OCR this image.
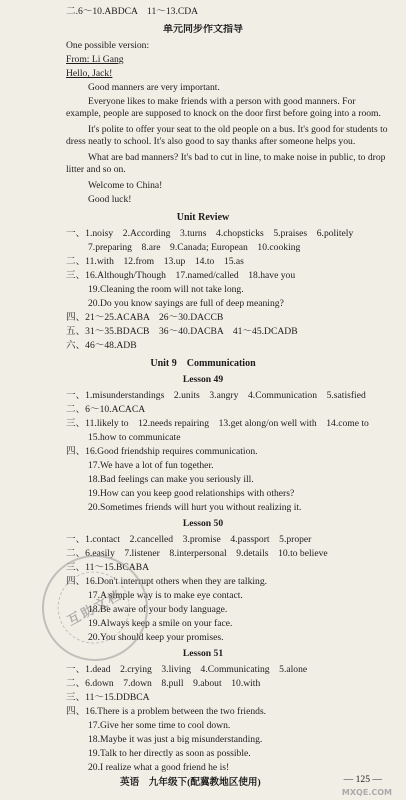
二.6～10.ABDCA　11～13.CDA
单元同步作文指导
One possible version:
From: Li Gang
Hello, Jack!
Good manners are very important.
Everyone likes to make friends with a person with good manners. For example, people are supposed to knock on the door first before going into a room.
It's polite to offer your seat to the old people on a bus. It's good for students to dress neatly to school. It's also good to say thanks after someone helps you.
What are bad manners? It's bad to cut in line, to make noise in public, to drop litter and so on.
Welcome to China!
Good luck!
Unit Review
一、1.noisy　2.According　3.turns　4.chopsticks　5.praises　6.politely
7.preparing　8.are　9.Canada; European　10.cooking
二、11.with　12.from　13.up　14.to　15.as
三、16.Although/Though　17.named/called　18.have you
19.Cleaning the room will not take long.
20.Do you know sayings are full of deep meaning?
四、21～25.ACABA　26～30.DACCB
五、31～35.BDACB　36～40.DACBA　41～45.DCADB
六、46～48.ADB
Unit 9　Communication
Lesson 49
一、1.misunderstandings　2.units　3.angry　4.Communication　5.satisfied
二、6～10.ACACA
三、11.likely to　12.needs repairing　13.get along/on well with　14.come to
15.how to communicate
四、16.Good friendship requires communication.
17.We have a lot of fun together.
18.Bad feelings can make you seriously ill.
19.How can you keep good relationships with others?
20.Sometimes friends will hurt you without realizing it.
Lesson 50
一、1.contact　2.cancelled　3.promise　4.passport　5.proper
二、6.easily　7.listener　8.interpersonal　9.details　10.to believe
三、11～15.BCABA
四、16.Don't interrupt others when they are talking.
17.A simple way is to make eye contact.
18.Be aware of your body language.
19.Always keep a smile on your face.
20.You should keep your promises.
Lesson 51
一、1.dead　2.crying　3.living　4.Communicating　5.alone
二、6.down　7.down　8.pull　9.about　10.with
三、11～15.DDBCA
四、16.There is a problem between the two friends.
17.Give her some time to cool down.
18.Maybe it was just a big misunderstanding.
19.Talk to her directly as soon as possible.
20.I realize what a good friend he is!
互助文档
英语　九年级下(配冀教地区使用)	— 125 —
MXQE.COM
